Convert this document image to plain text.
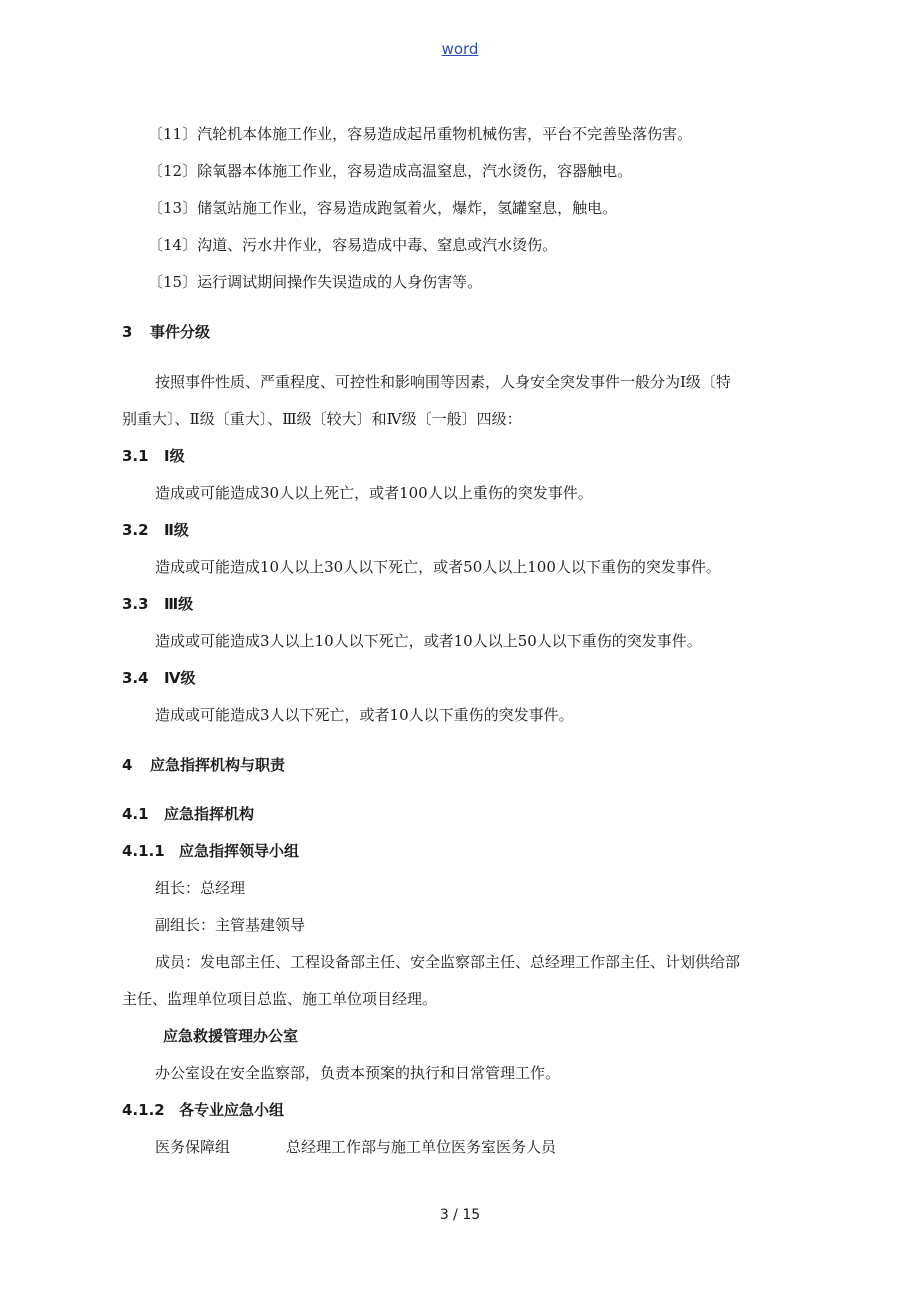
word
〔11〕汽轮机本体施工作业，容易造成起吊重物机械伤害，平台不完善坠落伤害。
〔12〕除氧器本体施工作业，容易造成高温窒息，汽水烫伤，容器触电。
〔13〕储氢站施工作业，容易造成跑氢着火，爆炸，氢罐窒息，触电。
〔14〕沟道、污水井作业，容易造成中毒、窒息或汽水烫伤。
〔15〕运行调试期间操作失误造成的人身伤害等。
3 事件分级
按照事件性质、严重程度、可控性和影响围等因素，人身安全突发事件一般分为Ⅰ级〔特
别重大〕、Ⅱ级〔重大〕、Ⅲ级〔较大〕和Ⅳ级〔一般〕四级：
3.1 Ⅰ级
造成或可能造成30人以上死亡，或者100人以上重伤的突发事件。
3.2 Ⅱ级
造成或可能造成10人以上30人以下死亡，或者50人以上100人以下重伤的突发事件。
3.3 Ⅲ级
造成或可能造成3人以上10人以下死亡，或者10人以上50人以下重伤的突发事件。
3.4 Ⅳ级
造成或可能造成3人以下死亡，或者10人以下重伤的突发事件。
4 应急指挥机构与职责
4.1 应急指挥机构
4.1.1 应急指挥领导小组
组长：总经理
副组长：主管基建领导
成员：发电部主任、工程设备部主任、安全监察部主任、总经理工作部主任、计划供给部
主任、监理单位项目总监、施工单位项目经理。
应急救援管理办公室
办公室设在安全监察部，负责本预案的执行和日常管理工作。
4.1.2 各专业应急小组
医务保障组	总经理工作部与施工单位医务室医务人员
3 / 15
